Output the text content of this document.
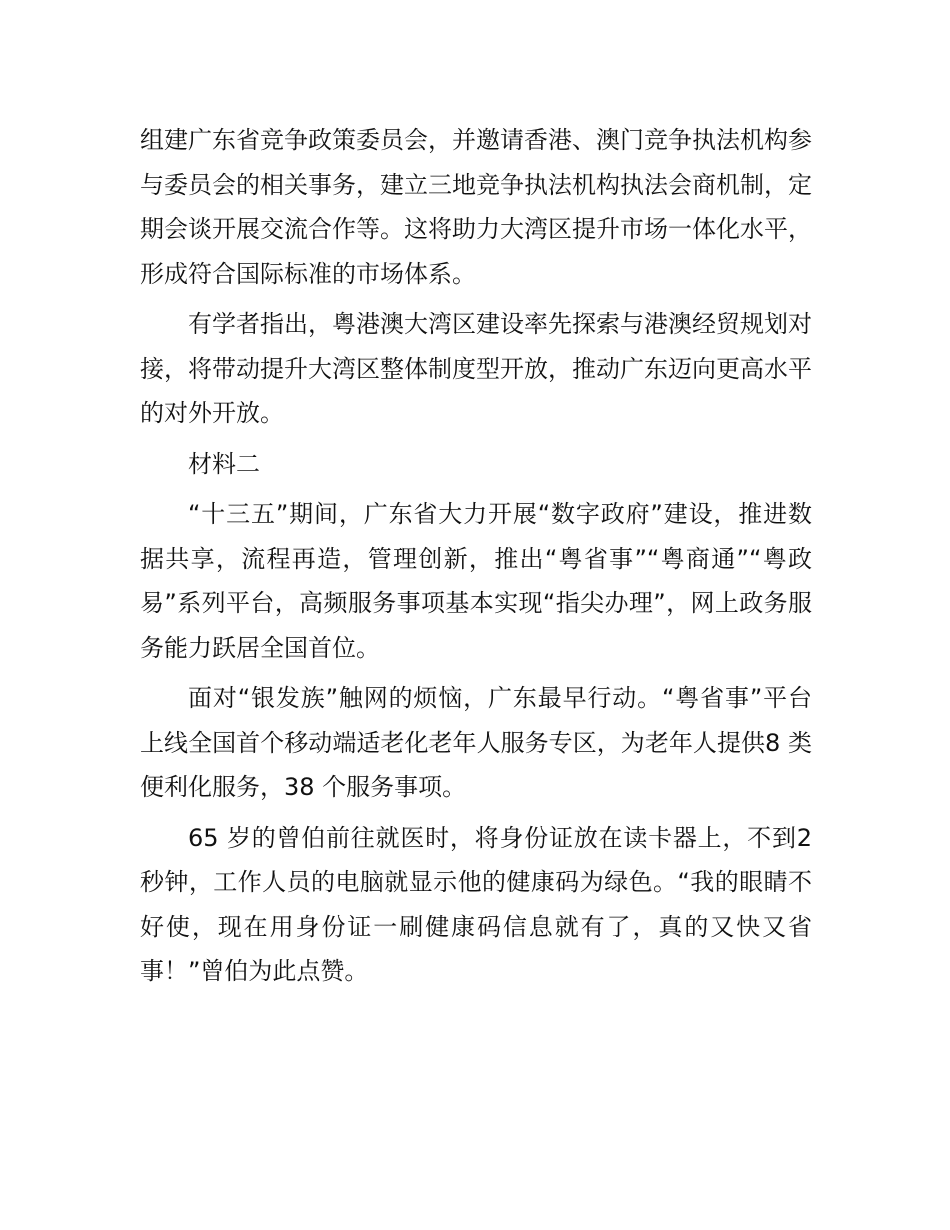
组建广东省竞争政策委员会，并邀请香港、澳门竞争执法机构参与委员会的相关事务，建立三地竞争执法机构执法会商机制，定期会谈开展交流合作等。这将助力大湾区提升市场一体化水平，形成符合国际标准的市场体系。

有学者指出，粤港澳大湾区建设率先探索与港澳经贸规划对接，将带动提升大湾区整体制度型开放，推动广东迈向更高水平的对外开放。

材料二

“十三五”期间，广东省大力开展“数字政府”建设，推进数据共享，流程再造，管理创新，推出“粤省事”“粤商通”“粤政易”系列平台，高频服务事项基本实现“指尖办理”，网上政务服务能力跃居全国首位。

面对“银发族”触网的烦恼，广东最早行动。“粤省事”平台上线全国首个移动端适老化老年人服务专区，为老年人提供8 类便利化服务，38 个服务事项。

65 岁的曾伯前往就医时，将身份证放在读卡器上，不到2 秒钟，工作人员的电脑就显示他的健康码为绿色。“我的眼睛不好使，现在用身份证一刷健康码信息就有了，真的又快又省事！”曾伯为此点赞。
